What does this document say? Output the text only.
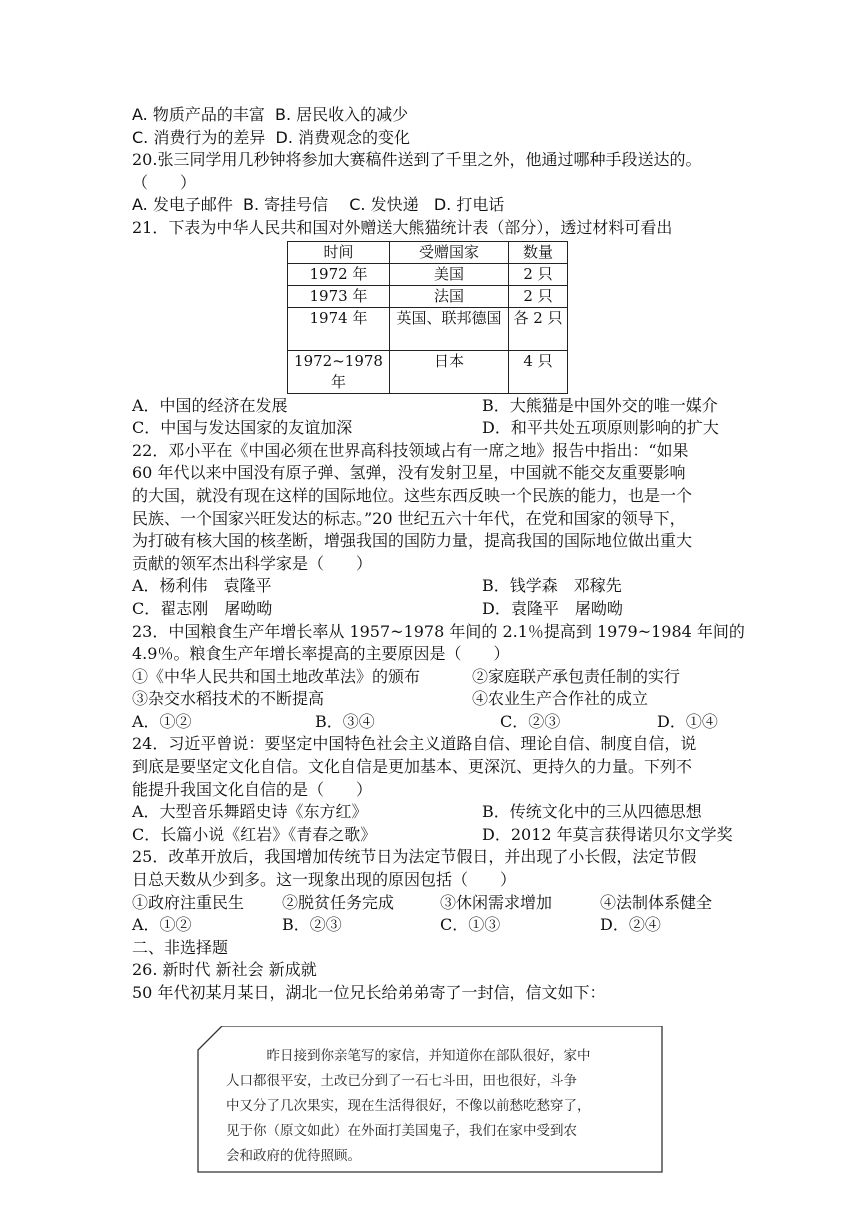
A. 物质产品的丰富 B. 居民收入的减少
C. 消费行为的差异 D. 消费观念的变化
20.张三同学用几秒钟将参加大赛稿件送到了千里之外，他通过哪种手段送达的。
（　　）
A. 发电子邮件  B. 寄挂号信　 C. 发快递   D. 打电话
21．下表为中华人民共和国对外赠送大熊猫统计表（部分），透过材料可看出
时间	受赠国家	数量
1972 年	美国	2 只
1973 年	法国	2 只
1974 年	英国、联邦德国	各 2 只
1972~1978 年	日本	4 只
A．中国的经济在发展	B．大熊猫是中国外交的唯一媒介
C．中国与发达国家的友谊加深	D．和平共处五项原则影响的扩大
22．邓小平在《中国必须在世界高科技领域占有一席之地》报告中指出：“如果
60 年代以来中国没有原子弹、氢弹，没有发射卫星，中国就不能交友重要影响
的大国，就没有现在这样的国际地位。这些东西反映一个民族的能力，也是一个
民族、一个国家兴旺发达的标志。”20 世纪五六十年代，在党和国家的领导下，
为打破有核大国的核垄断，增强我国的国防力量，提高我国的国际地位做出重大
贡献的领军杰出科学家是（　　）
A．杨利伟　袁隆平	B．钱学森　邓稼先
C．翟志刚　屠呦呦	D．袁隆平　屠呦呦
23．中国粮食生产年增长率从 1957~1978 年间的 2.1％提高到 1979~1984 年间的
4.9％。粮食生产年增长率提高的主要原因是（　　）
①《中华人民共和国土地改革法》的颁布	②家庭联产承包责任制的实行
③杂交水稻技术的不断提高	④农业生产合作社的成立
A．①②	B．③④	C．②③	D．①④
24．习近平曾说：要坚定中国特色社会主义道路自信、理论自信、制度自信，说
到底是要坚定文化自信。文化自信是更加基本、更深沉、更持久的力量。下列不
能提升我国文化自信的是（　　）
A．大型音乐舞蹈史诗《东方红》	B．传统文化中的三从四德思想
C．长篇小说《红岩》《青春之歌》	D．2012 年莫言获得诺贝尔文学奖
25．改革开放后，我国增加传统节日为法定节假日，并出现了小长假，法定节假
日总天数从少到多。这一现象出现的原因包括（　　）
①政府注重民生	②脱贫任务完成	③休闲需求增加	④法制体系健全
A．①②	B．②③	C．①③	D．②④
二、非选择题
26. 新时代 新社会 新成就
50 年代初某月某日，湖北一位兄长给弟弟寄了一封信，信文如下：
　　　昨日接到你亲笔写的家信，并知道你在部队很好，家中
人口都很平安，土改已分到了一石七斗田，田也很好，斗争
中又分了几次果实，现在生活得很好，不像以前愁吃愁穿了，
见于你（原文如此）在外面打美国鬼子，我们在家中受到农
会和政府的优待照顾。
